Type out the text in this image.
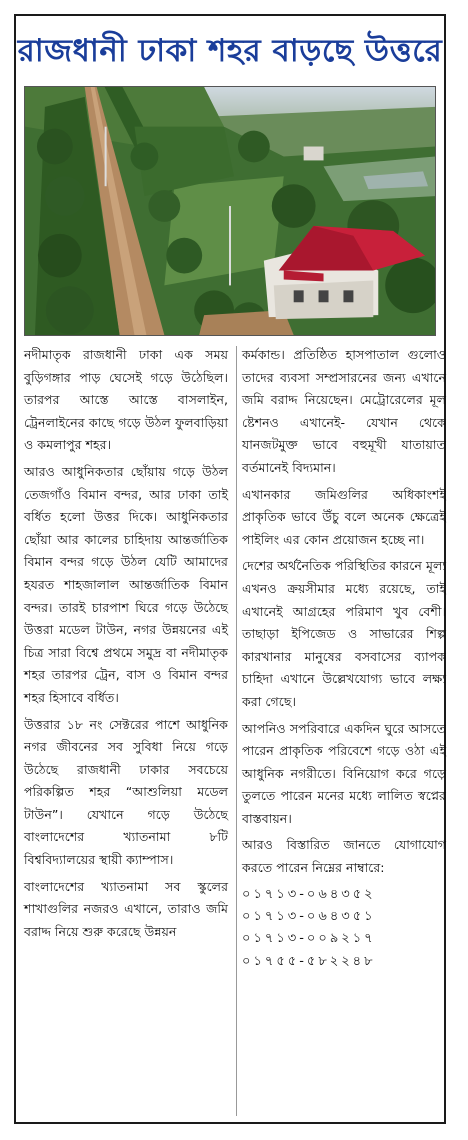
রাজধানী ঢাকা শহর বাড়ছে উত্তরে

নদীমাতৃক রাজধানী ঢাকা এক সময় বুড়িগঙ্গার পাড় ঘেসেই গড়ে উঠেছিল। তারপর আস্তে আস্তে বাসলাইন, ট্রেনলাইনের কাছে গড়ে উঠল ফুলবাড়িয়া ও কমলাপুর শহর।

আরও আধুনিকতার ছোঁয়ায় গড়ে উঠল তেজগাঁও বিমান বন্দর, আর ঢাকা তাই বর্ধিত হলো উত্তর দিকে। আধুনিকতার ছোঁয়া আর কালের চাহিদায় আন্তর্জাতিক বিমান বন্দর গড়ে উঠল যেটি আমাদের হযরত শাহজালাল আন্তর্জাতিক বিমান বন্দর। তারই চারপাশ ঘিরে গড়ে উঠেছে উত্তরা মডেল টাউন, নগর উন্নয়নের এই চিত্র সারা বিশ্বে প্রথমে সমুদ্র বা নদীমাতৃক শহর তারপর ট্রেন, বাস ও বিমান বন্দর শহর হিসাবে বর্ধিত।

উত্তরার ১৮ নং সেক্টরের পাশে আধুনিক নগর জীবনের সব সুবিধা নিয়ে গড়ে উঠেছে রাজধানী ঢাকার সবচেয়ে পরিকল্পিত শহর “আশুলিয়া মডেল টাউন”। যেখানে গড়ে উঠেছে বাংলাদেশের খ্যাতনামা ৮টি বিশ্ববিদ্যালয়ের স্থায়ী ক্যাম্পাস।

বাংলাদেশের খ্যাতনামা সব স্কুলের শাখাগুলির নজরও এখানে, তারাও জমি বরাদ্দ নিয়ে শুরু করেছে উন্নয়ন

কর্মকান্ড। প্রতিষ্ঠিত হাসপাতাল গুলোও তাদের ব্যবসা সম্প্রসারনের জন্য এখানে জমি বরাদ্দ নিয়েছেন। মেট্রোরেলের মূল ষ্টেশনও এখানেই- যেখান থেকে যানজটমুক্ত ভাবে বহুমূখী যাতায়াত বর্তমানেই বিদ্যমান।

এখানকার জমিগুলির অধিকাংশই প্রাকৃতিক ভাবে উঁচু বলে অনেক ক্ষেত্রেই পাইলিং এর কোন প্রয়োজন হচ্ছে না।

দেশের অর্থনৈতিক পরিস্থিতির কারনে মূল্য এখনও ক্রয়সীমার মধ্যে রয়েছে, তাই এখানেই আগ্রহের পরিমাণ খুব বেশী। তাছাড়া ইপিজেড ও সাভারের শিল্প কারখানার মানুষের বসবাসের ব্যাপক চাহিদা এখানে উল্লেখযোগ্য ভাবে লক্ষ্য করা গেছে।

আপনিও সপরিবারে একদিন ঘুরে আসতে পারেন প্রাকৃতিক পরিবেশে গড়ে ওঠা এই আধুনিক নগরীতে। বিনিয়োগ করে গড়ে তুলতে পারেন মনের মধ্যে লালিত স্বপ্নের বাস্তবায়ন।

আরও বিস্তারিত জানতে যোগাযোগ করতে পারেন নিম্নের নাম্বারে:

০১৭১৩-০৬৪৩৫২
০১৭১৩-০৬৪৩৫১
০১৭১৩-০০৯২১৭
০১৭৫৫-৫৮২২৪৮
